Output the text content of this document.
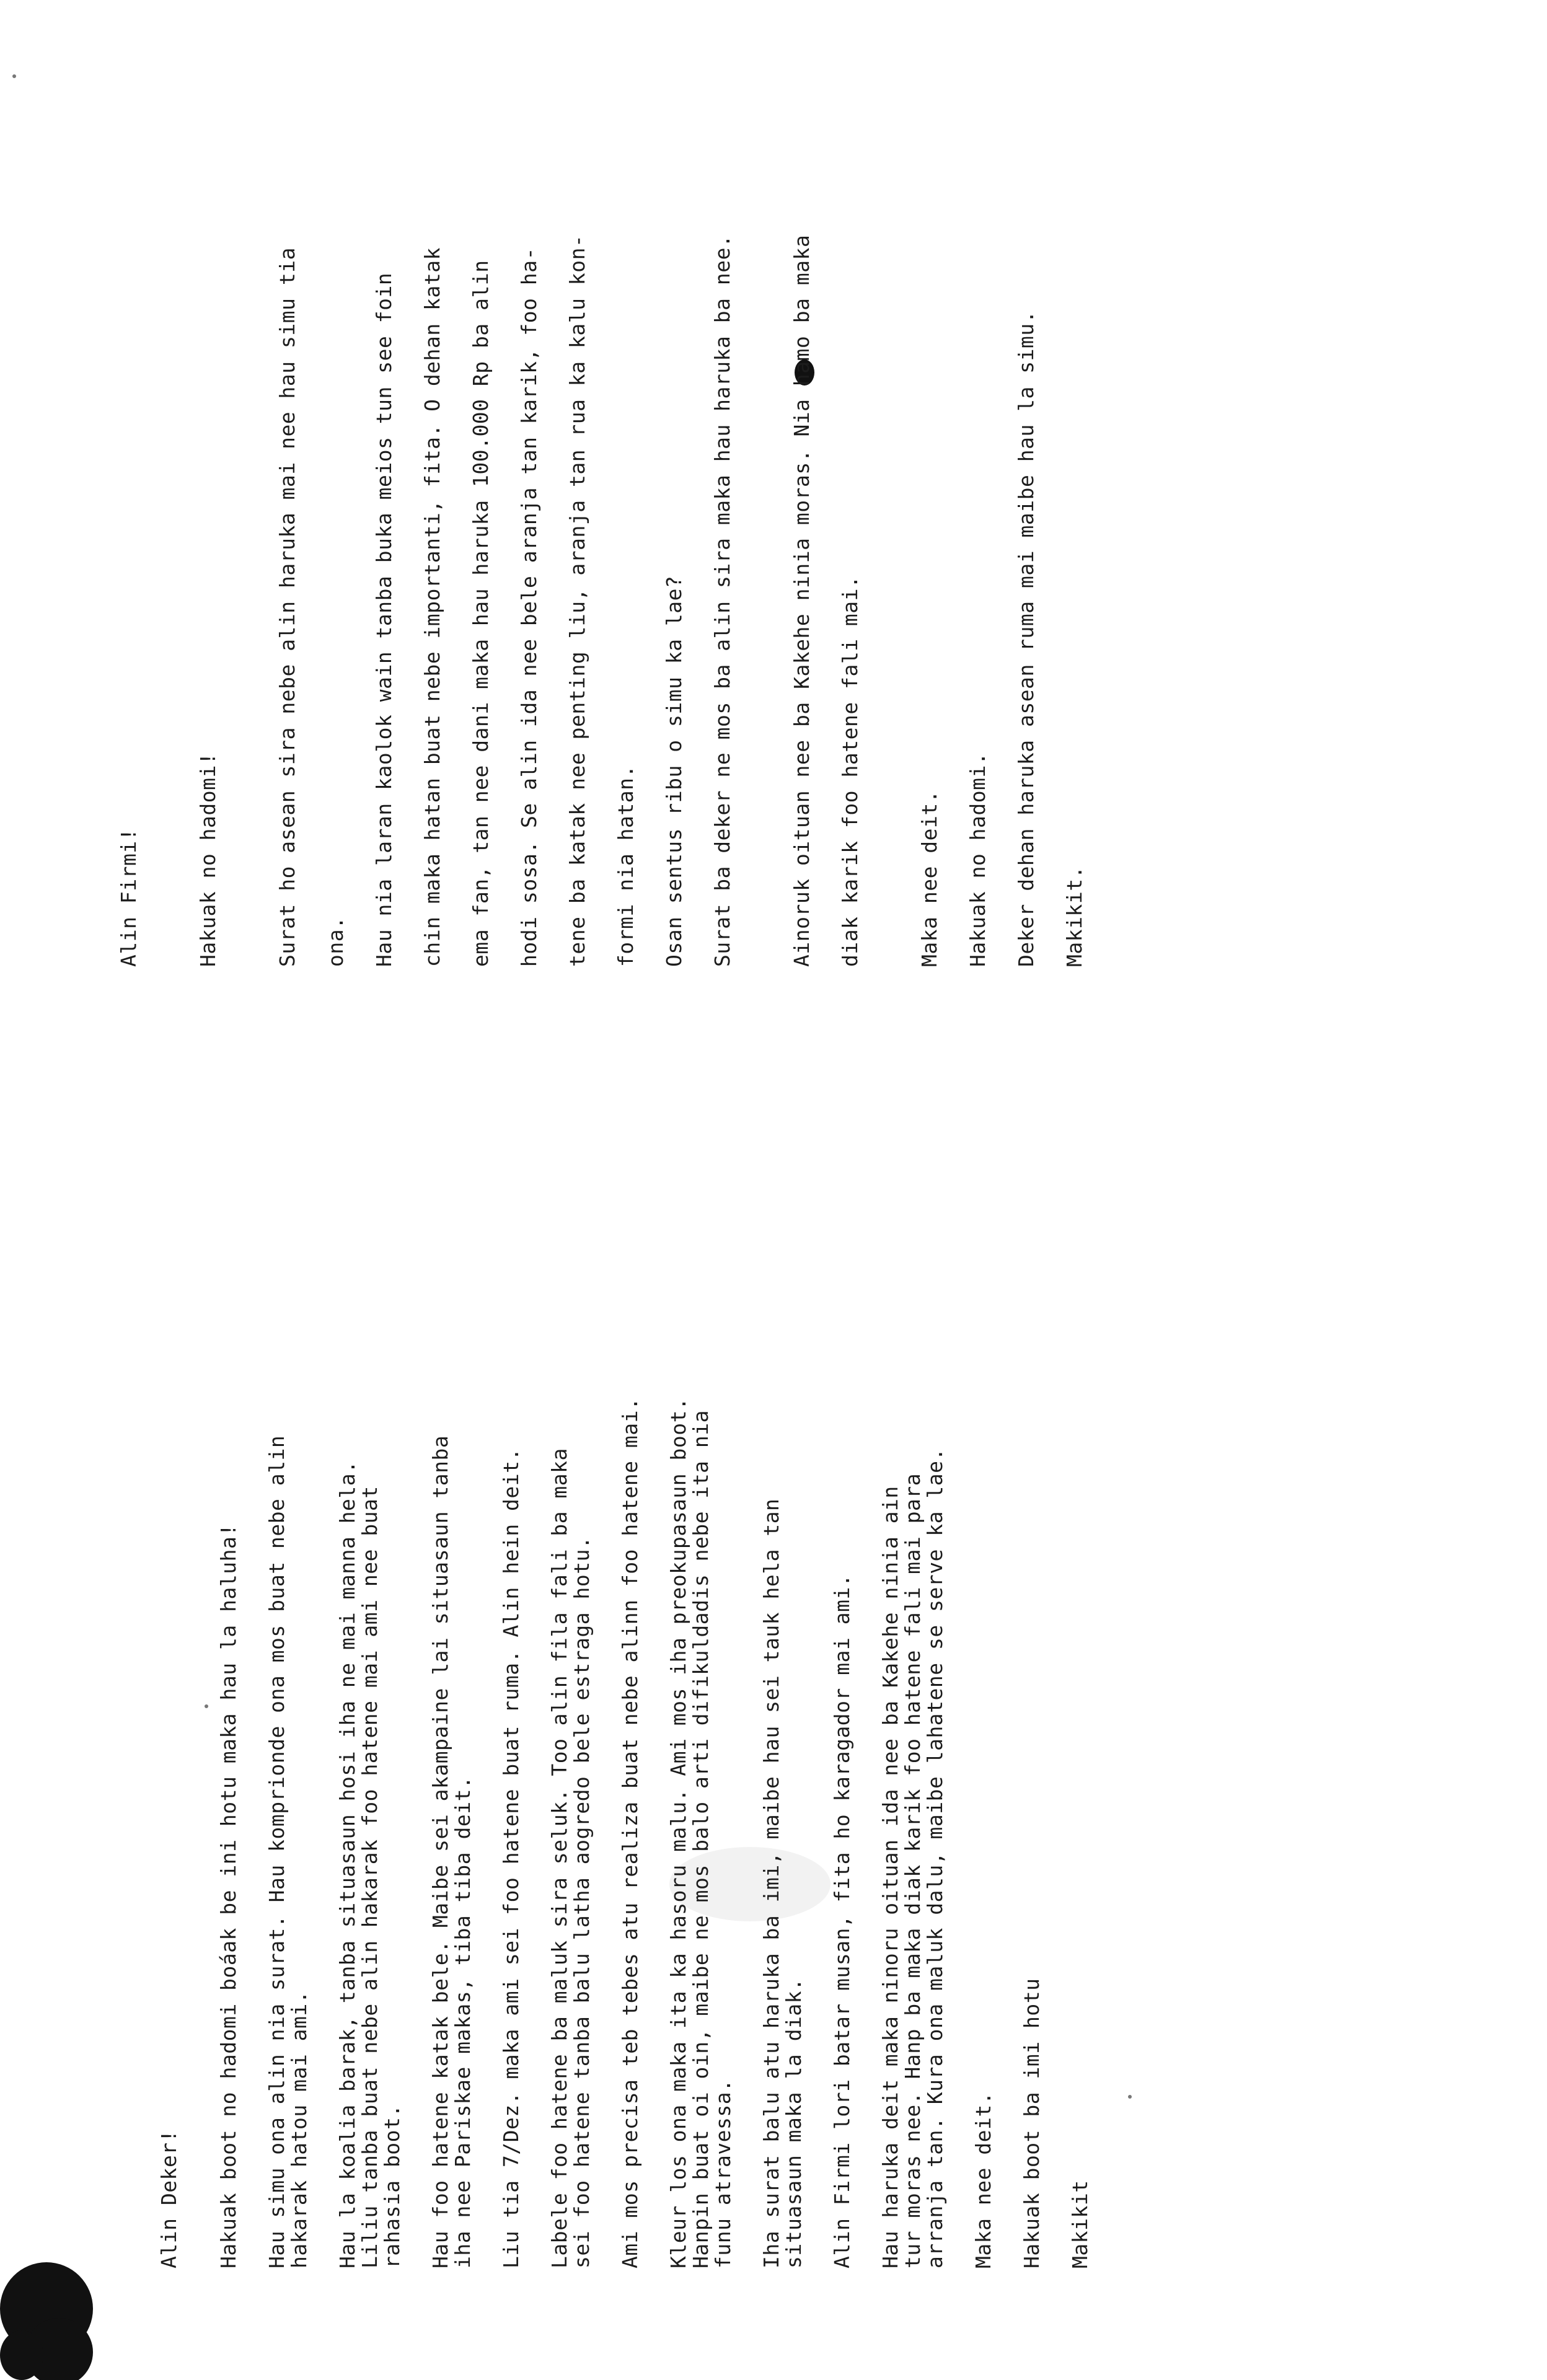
Alin Deker! Hakuak boot no hadomi boáak be ini hotu maka hau la haluha! Hau simu ona alin nia surat. Hau komprionde ona mos buat nebe alin

hakarak hatou mai ami. Hau la koalia barak, tanba situasaun hosi iha ne mai manna hela.

Liliu tanba buat nebe alin hakarak foo hatene mai ami nee buat

rahasia boot. Hau foo hatene katak bele. Maibe sei akampaine lai situasaun tanba

iha nee Pariskae makas, tiba tiba deit. Liu tia 7/Dez. maka ami sei foo hatene buat ruma. Alin hein deit. Labele foo hatene ba maluk sira seluk. Too alin fila fali ba maka

sei foo hatene tanba balu latha aogredo bele estraga hotu. Ami mos precisa teb tebes atu realiza buat nebe alinn foo hatene mai. Kleur los ona maka ita ka hasoru malu. Ami mos iha preokupasaun boot.

Hanpin buat oi oin, maibe ne mos balo arti difikuldadis nebe ita nia

funu atravessa. Iha surat balu atu haruka ba imi, maibe hau sei tauk hela tan

situasaun maka la diak. Alin Firmi lori batar musan, fita ho karagador mai ami. Hau haruka deit maka ninoru oituan ida nee ba Kakehe ninia ain

tur moras nee. Hanp ba maka diak karik foo hatene fali mai para

arranja tan. Kura ona maluk dalu, maibe lahatene se serve ka lae. Maka nee deit. Hakuak boot ba imi hotu Makikit

Alin Firmi!	Hakuak no hadomi!	Surat ho asean sira nebe alin haruka mai nee hau simu tia ona. Hau nia laran kaolok wain tanba buka meios tun see foin chin maka hatan buat nebe importanti, fita. O dehan katak ema fan, tan nee dani maka hau haruka 100.000 Rp ba alin hodi sosa. Se alin ida nee bele aranja tan karik, foo ha- tene ba katak nee penting liu, aranja tan rua ka kalu kon- formi nia hatan. Osan sentus ribu o simu ka lae? Surat ba deker ne mos ba alin sira maka hau haruka ba nee.	Ainoruk oituan nee ba Kakehe ninia moras. Nia hamo ba maka diak karik foo hatene fali mai.	Maka nee deit. Hakuak no hadomi. Deker dehan haruka asean ruma mai maibe hau la simu. Makikit.
